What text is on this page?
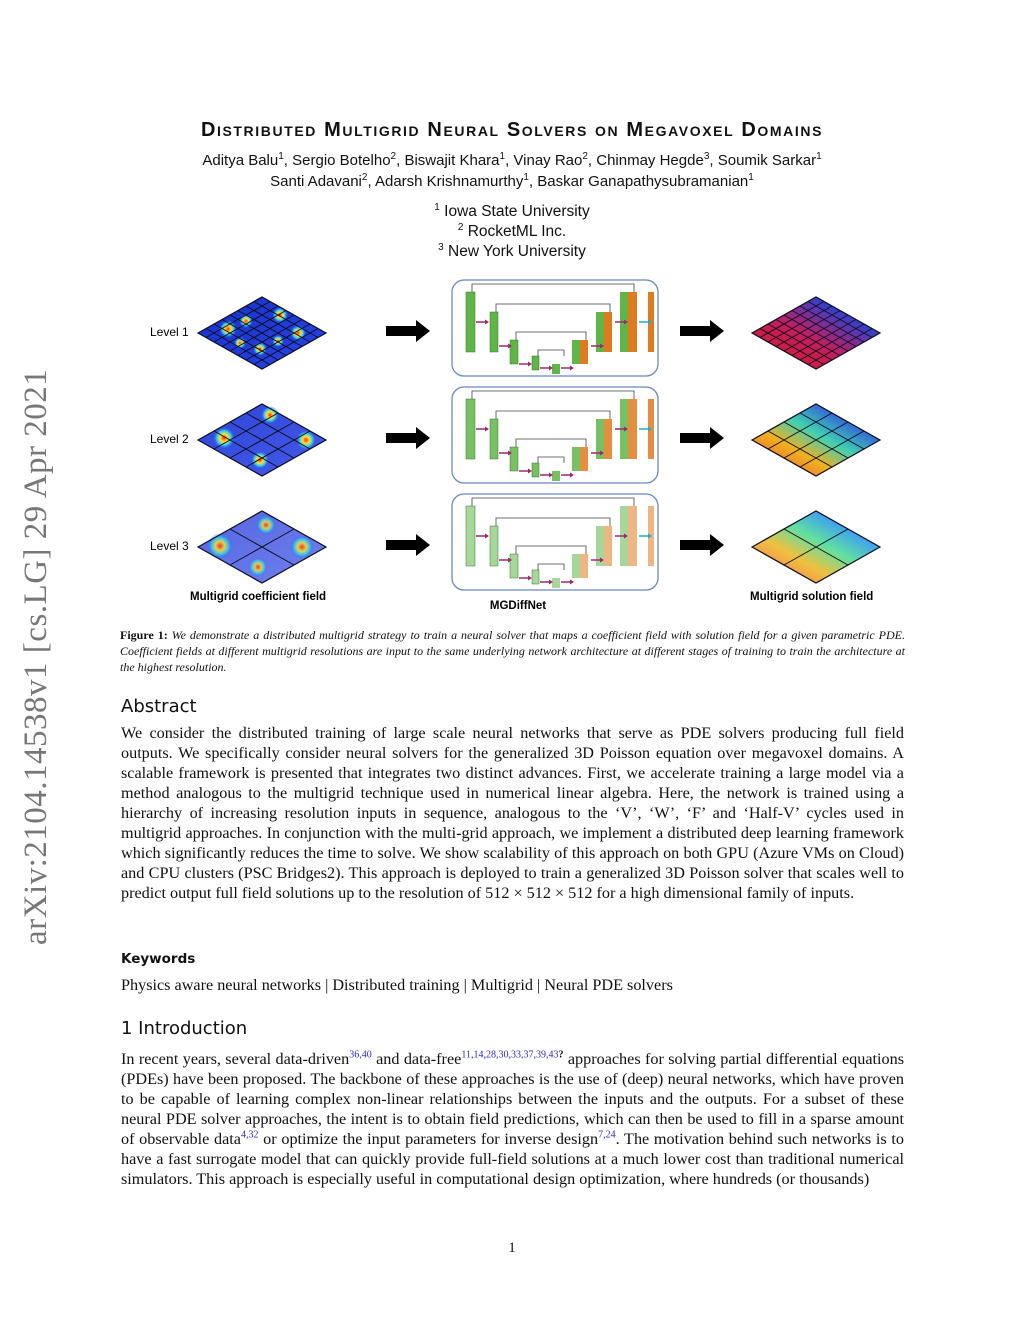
arXiv:2104.14538v1 [cs.LG] 29 Apr 2021
Distributed Multigrid Neural Solvers on Megavoxel Domains
Aditya Balu$^1$, Sergio Botelho$^2$, Biswajit Khara$^1$, Vinay Rao$^2$, Chinmay Hegde$^3$, Soumik Sarkar$^1$
Santi Adavani$^2$, Adarsh Krishnamurthy$^1$, Baskar Ganapathysubramanian$^1$
$^1$ Iowa State University
$^2$ RocketML Inc.
$^3$ New York University
Level 1
Level 2
Level 3
Multigrid coefficient field
MGDiffNet
Multigrid solution field
Figure 1: We demonstrate a distributed multigrid strategy to train a neural solver that maps a coefficient field with solution field for a given parametric PDE. Coefficient fields at different multigrid resolutions are input to the same underlying network architecture at different stages of training to train the architecture at the highest resolution.
Abstract
We consider the distributed training of large scale neural networks that serve as PDE solvers producing full field outputs. We specifically consider neural solvers for the generalized 3D Poisson equation over megavoxel domains. A scalable framework is presented that integrates two distinct advances. First, we accelerate training a large model via a method analogous to the multigrid technique used in numerical linear algebra. Here, the network is trained using a hierarchy of increasing resolution inputs in sequence, analogous to the ‘V’, ‘W’, ‘F’ and ‘Half-V’ cycles used in multigrid approaches. In conjunction with the multi-grid approach, we implement a distributed deep learning framework which significantly reduces the time to solve. We show scalability of this approach on both GPU (Azure VMs on Cloud) and CPU clusters (PSC Bridges2). This approach is deployed to train a generalized 3D Poisson solver that scales well to predict output full field solutions up to the resolution of 512 × 512 × 512 for a high dimensional family of inputs.
Keywords
Physics aware neural networks | Distributed training | Multigrid | Neural PDE solvers
1 Introduction
In recent years, several data-driven$^{36,40}$ and data-free$^{11,14,28,30,33,37,39,43?}$ approaches for solving partial differential equations (PDEs) have been proposed. The backbone of these approaches is the use of (deep) neural networks, which have proven to be capable of learning complex non-linear relationships between the inputs and the outputs. For a subset of these neural PDE solver approaches, the intent is to obtain field predictions, which can then be used to fill in a sparse amount of observable data$^{4,32}$ or optimize the input parameters for inverse design$^{7,24}$. The motivation behind such networks is to have a fast surrogate model that can quickly provide full-field solutions at a much lower cost than traditional numerical simulators. This approach is especially useful in computational design optimization, where hundreds (or thousands)
1
